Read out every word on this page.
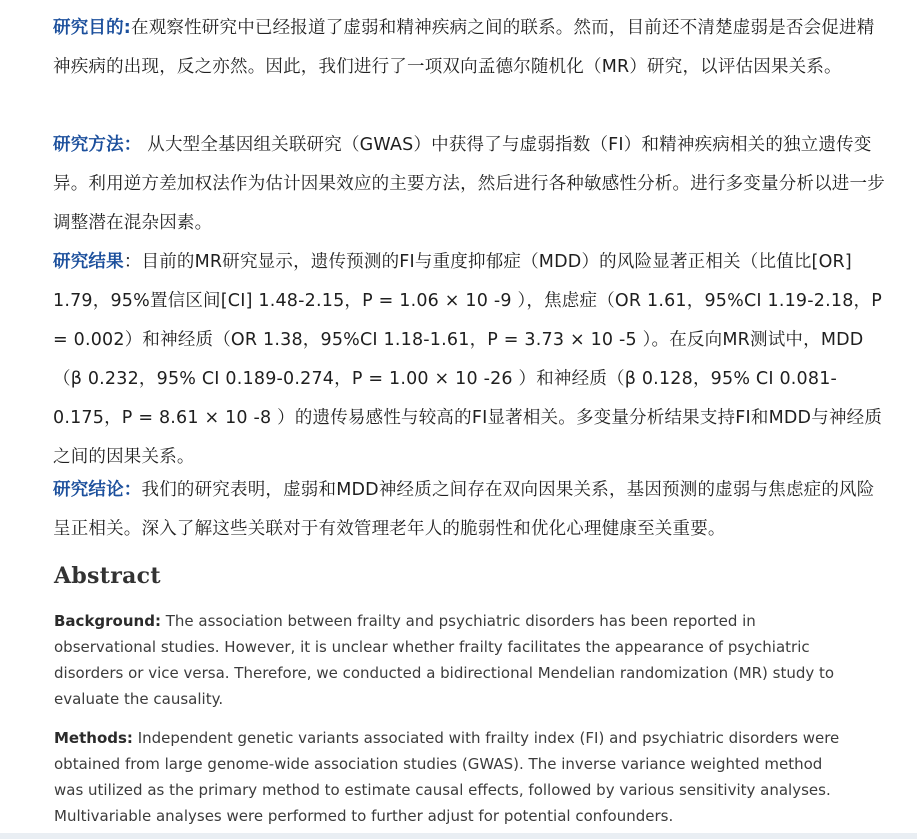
研究目的:在观察性研究中已经报道了虚弱和精神疾病之间的联系。然而，目前还不清楚虚弱是否会促进精神疾病的出现，反之亦然。因此，我们进行了一项双向孟德尔随机化（MR）研究，以评估因果关系。

研究方法： 从大型全基因组关联研究（GWAS）中获得了与虚弱指数（FI）和精神疾病相关的独立遗传变异。利用逆方差加权法作为估计因果效应的主要方法，然后进行各种敏感性分析。进行多变量分析以进一步调整潜在混杂因素。

研究结果：目前的MR研究显示，遗传预测的FI与重度抑郁症（MDD）的风险显著正相关（比值比[OR] 1.79，95%置信区间[CI] 1.48-2.15，P = 1.06 × 10 -9 ），焦虑症（OR 1.61，95%CI 1.19-2.18，P = 0.002）和神经质（OR 1.38，95%CI 1.18-1.61，P = 3.73 × 10 -5 ）。在反向MR测试中，MDD（β 0.232，95% CI 0.189-0.274，P = 1.00 × 10 -26 ）和神经质（β 0.128，95% CI 0.081-0.175，P = 8.61 × 10 -8 ）的遗传易感性与较高的FI显著相关。多变量分析结果支持FI和MDD与神经质之间的因果关系。

研究结论：我们的研究表明，虚弱和MDD神经质之间存在双向因果关系，基因预测的虚弱与焦虑症的风险呈正相关。深入了解这些关联对于有效管理老年人的脆弱性和优化心理健康至关重要。

Abstract

Background: The association between frailty and psychiatric disorders has been reported in observational studies. However, it is unclear whether frailty facilitates the appearance of psychiatric disorders or vice versa. Therefore, we conducted a bidirectional Mendelian randomization (MR) study to evaluate the causality.

Methods: Independent genetic variants associated with frailty index (FI) and psychiatric disorders were obtained from large genome-wide association studies (GWAS). The inverse variance weighted method was utilized as the primary method to estimate causal effects, followed by various sensitivity analyses. Multivariable analyses were performed to further adjust for potential confounders.
